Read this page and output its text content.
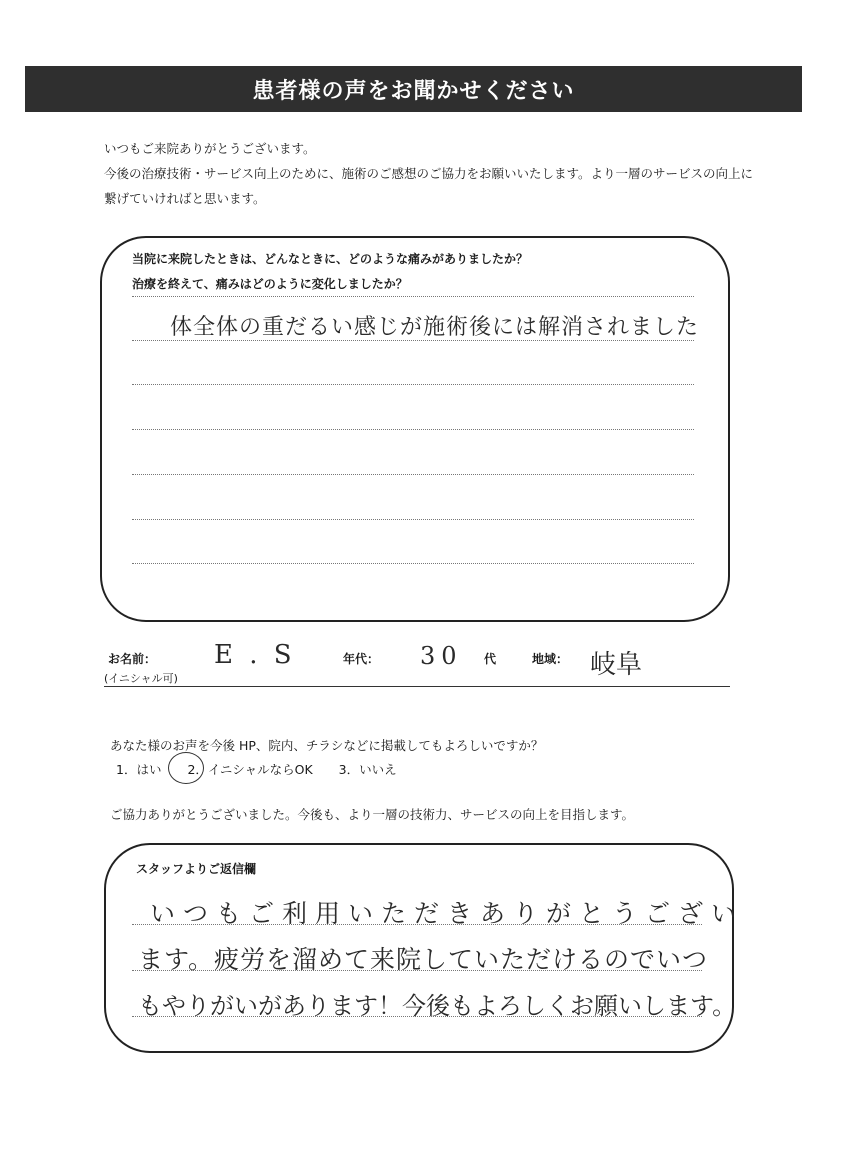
患者様の声をお聞かせください
いつもご来院ありがとうございます。
今後の治療技術・サービス向上のために、施術のご感想のご協力をお願いいたします。より一層のサービスの向上に
繋げていければと思います。
当院に来院したときは、どんなときに、どのような痛みがありましたか？
治療を終えて、痛みはどのように変化しましたか？
体全体の重だるい感じが施術後には解消されました
お名前：
(イニシャル可)
E . S	年代： 30 代	地域： 岐阜
あなた様のお声を今後 HP、院内、チラシなどに掲載してもよろしいですか？
1．はい 2．イニシャルならOK 3．いいえ
ご協力ありがとうございました。今後も、より一層の技術力、サービスの向上を目指します。
スタッフよりご返信欄
いつもご利用いただきありがとうござい
ます。疲労を溜めて来院していただけるのでいつ
もやりがいがあります！今後もよろしくお願いします。
